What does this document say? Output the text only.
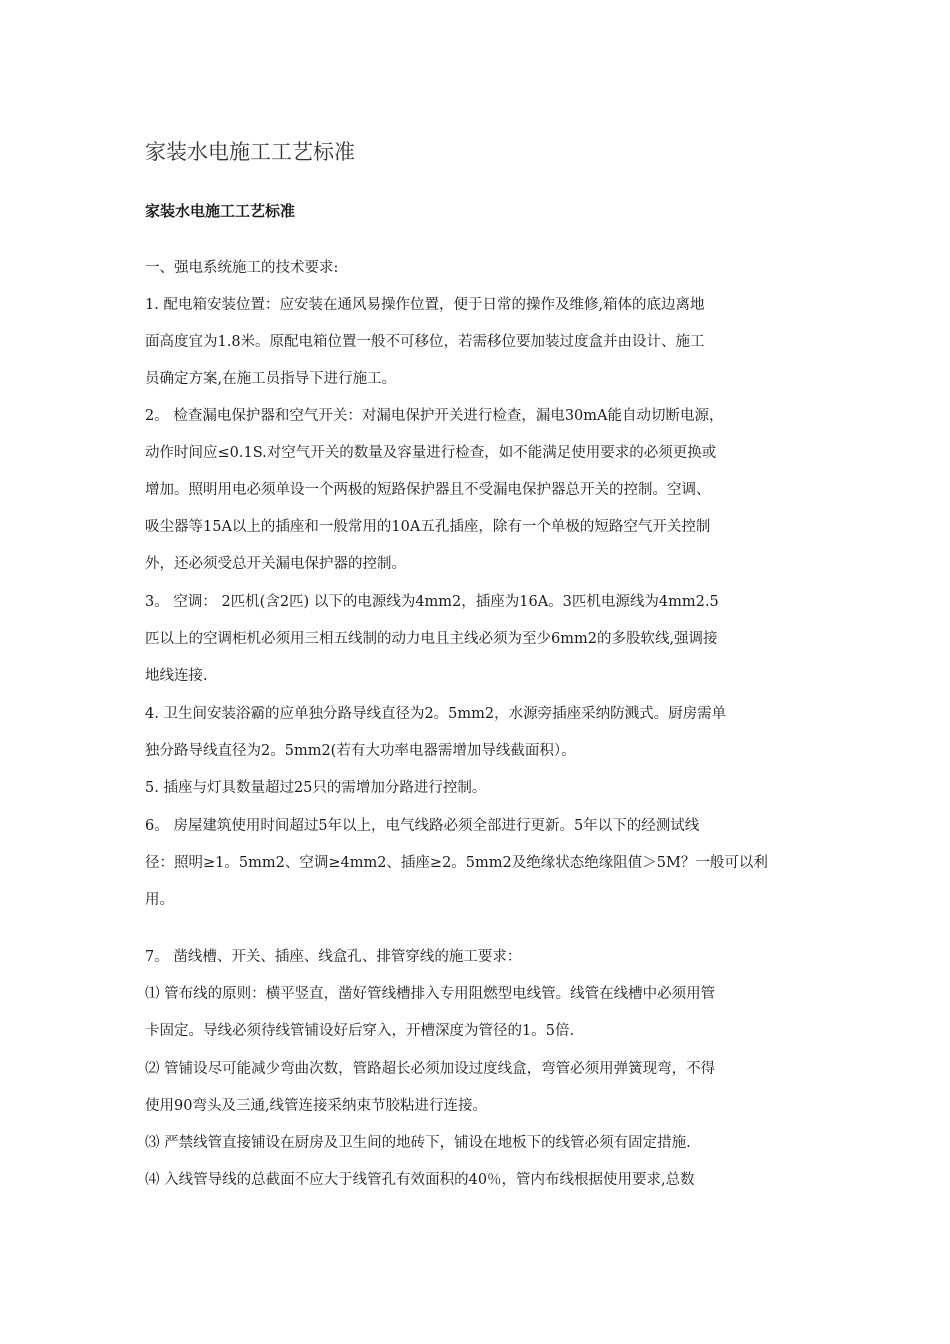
家装水电施工工艺标准
家装水电施工工艺标准
一、强电系统施工的技术要求:
1. 配电箱安装位置：应安装在通风易操作位置，便于日常的操作及维修,箱体的底边离地
面高度宜为1.8米。原配电箱位置一般不可移位，若需移位要加装过度盒并由设计、施工
员确定方案,在施工员指导下进行施工。
2。 检查漏电保护器和空气开关：对漏电保护开关进行检查，漏电30mA能自动切断电源，
动作时间应≤0.1S.对空气开关的数量及容量进行检查，如不能满足使用要求的必须更换或
增加。照明用电必须单设一个两极的短路保护器且不受漏电保护器总开关的控制。空调、
吸尘器等15A以上的插座和一般常用的10A五孔插座，除有一个单极的短路空气开关控制
外，还必须受总开关漏电保护器的控制。
3。 空调： 2匹机(含2匹) 以下的电源线为4mm2，插座为16A。3匹机电源线为4mm2.5
匹以上的空调柜机必须用三相五线制的动力电且主线必须为至少6mm2的多股软线,强调接
地线连接.
4. 卫生间安装浴霸的应单独分路导线直径为2。5mm2，水源旁插座采纳防溅式。厨房需单
独分路导线直径为2。5mm2(若有大功率电器需增加导线截面积）。
5. 插座与灯具数量超过25只的需增加分路进行控制。
6。 房屋建筑使用时间超过5年以上，电气线路必须全部进行更新。5年以下的经测试线
径：照明≥1。5mm2、空调≥4mm2、插座≥2。5mm2及绝缘状态绝缘阻值＞5M？一般可以利
用。
7。 凿线槽、开关、插座、线盒孔、排管穿线的施工要求：
⑴ 管布线的原则：横平竖直，凿好管线槽排入专用阻燃型电线管。线管在线槽中必须用管
卡固定。导线必须待线管铺设好后穿入，开槽深度为管径的1。5倍.
⑵ 管铺设尽可能减少弯曲次数，管路超长必须加设过度线盒，弯管必须用弹簧现弯，不得
使用90弯头及三通,线管连接采纳束节胶粘进行连接。
⑶ 严禁线管直接铺设在厨房及卫生间的地砖下，铺设在地板下的线管必须有固定措施.
⑷ 入线管导线的总截面不应大于线管孔有效面积的40％，管内布线根据使用要求,总数
